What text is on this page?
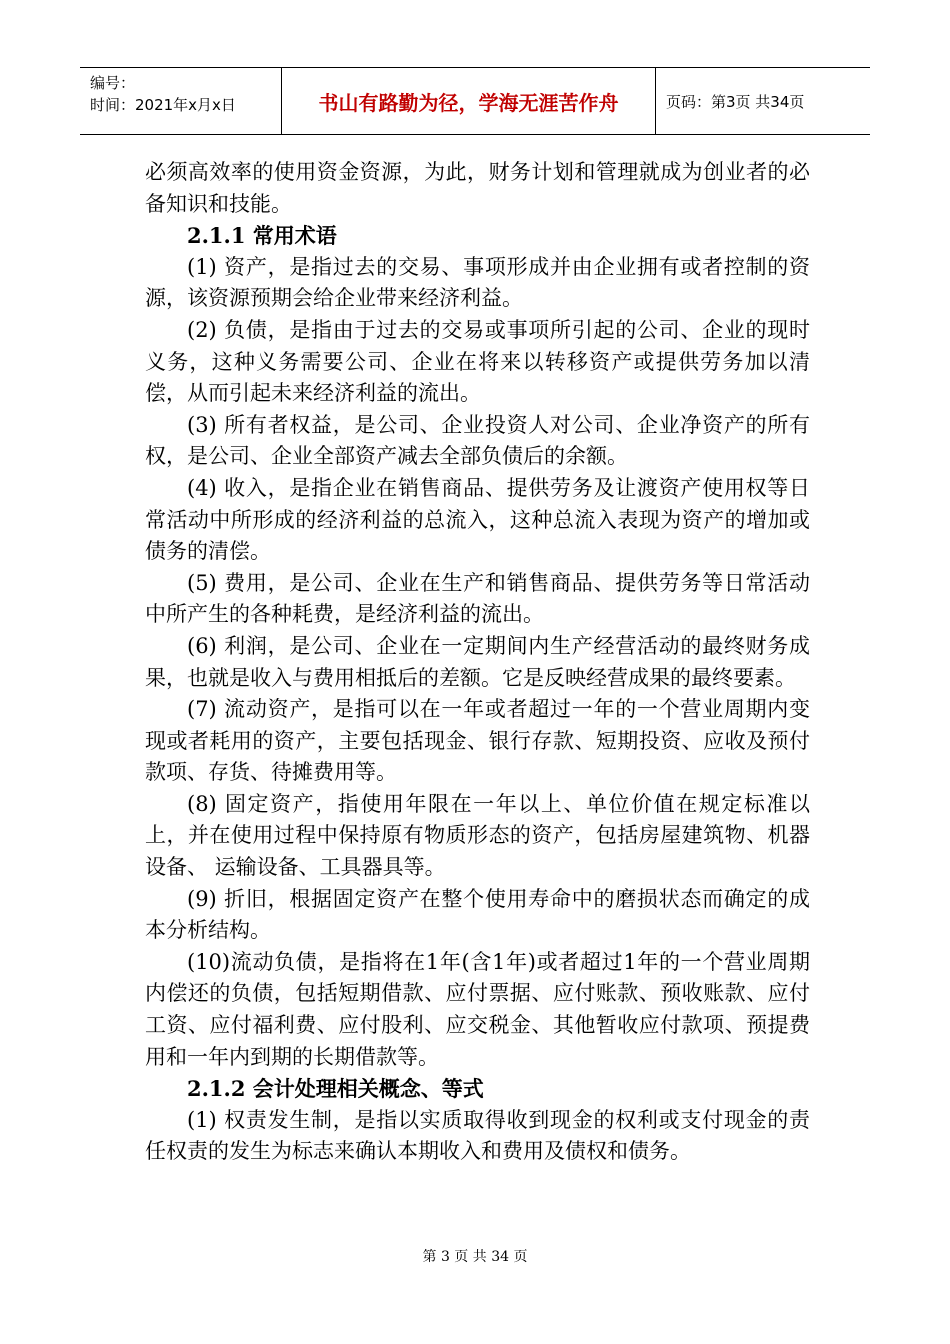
编号：
时间：2021年x月x日	书山有路勤为径，学海无涯苦作舟	页码：第3页 共34页

必须高效率的使用资金资源，为此，财务计划和管理就成为创业者的必备知识和技能。

2.1.1 常用术语

(1) 资产，是指过去的交易、事项形成并由企业拥有或者控制的资源，该资源预期会给企业带来经济利益。

(2) 负债，是指由于过去的交易或事项所引起的公司、企业的现时义务，这种义务需要公司、企业在将来以转移资产或提供劳务加以清偿，从而引起未来经济利益的流出。

(3) 所有者权益，是公司、企业投资人对公司、企业净资产的所有权，是公司、企业全部资产减去全部负债后的余额。

(4) 收入，是指企业在销售商品、提供劳务及让渡资产使用权等日常活动中所形成的经济利益的总流入，这种总流入表现为资产的增加或债务的清偿。

(5) 费用，是公司、企业在生产和销售商品、提供劳务等日常活动中所产生的各种耗费，是经济利益的流出。

(6) 利润，是公司、企业在一定期间内生产经营活动的最终财务成果，也就是收入与费用相抵后的差额。它是反映经营成果的最终要素。

(7) 流动资产，是指可以在一年或者超过一年的一个营业周期内变现或者耗用的资产，主要包括现金、银行存款、短期投资、应收及预付款项、存货、待摊费用等。

(8) 固定资产，指使用年限在一年以上、单位价值在规定标准以上，并在使用过程中保持原有物质形态的资产，包括房屋建筑物、机器设备、 运输设备、工具器具等。

(9) 折旧，根据固定资产在整个使用寿命中的磨损状态而确定的成本分析结构。

(10)流动负债，是指将在1年(含1年)或者超过1年的一个营业周期内偿还的负债，包括短期借款、应付票据、应付账款、预收账款、应付工资、应付福利费、应付股利、应交税金、其他暂收应付款项、预提费用和一年内到期的长期借款等。

2.1.2 会计处理相关概念、等式

(1) 权责发生制，是指以实质取得收到现金的权利或支付现金的责任权责的发生为标志来确认本期收入和费用及债权和债务。

第 3 页 共 34 页
